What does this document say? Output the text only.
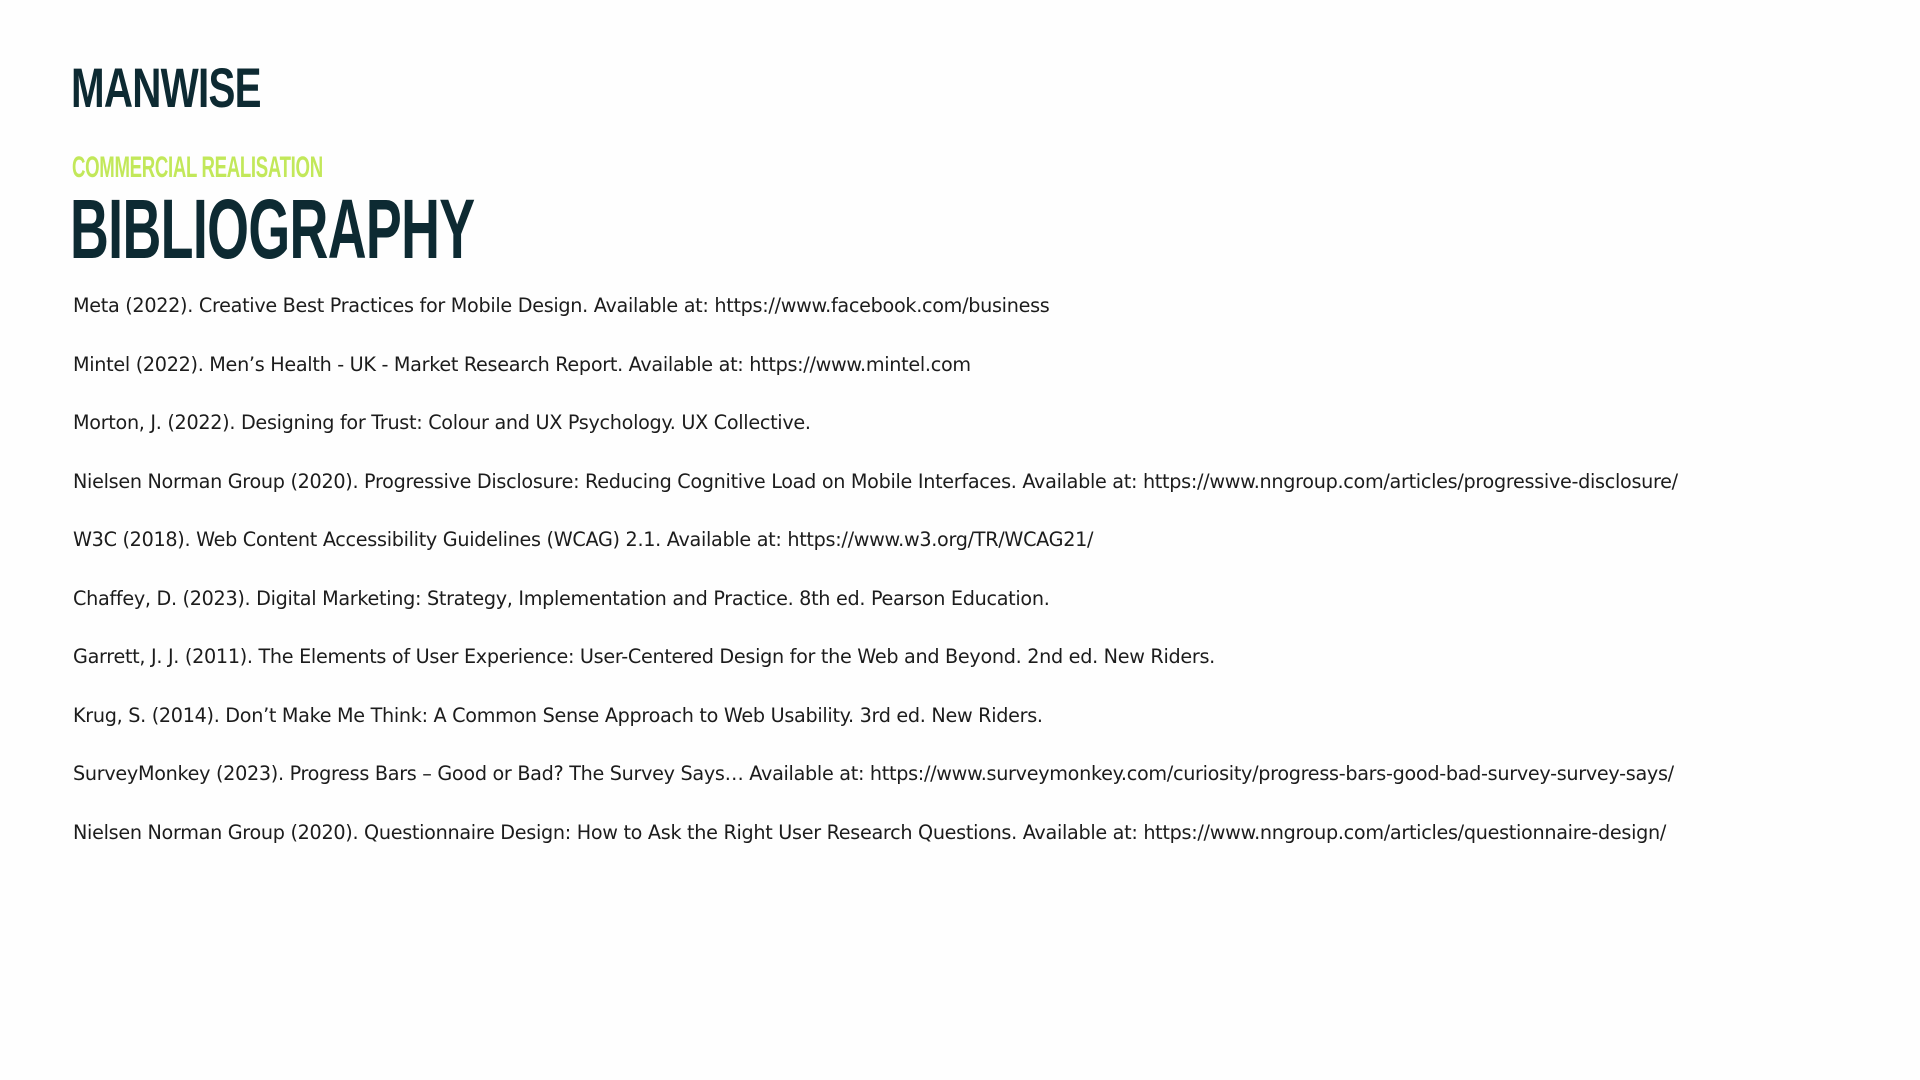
MANWISE
COMMERCIAL REALISATION
BIBLIOGRAPHY
Meta (2022). Creative Best Practices for Mobile Design. Available at: https://www.facebook.com/business
Mintel (2022). Men’s Health - UK - Market Research Report. Available at: https://www.mintel.com
Morton, J. (2022). Designing for Trust: Colour and UX Psychology. UX Collective.
Nielsen Norman Group (2020). Progressive Disclosure: Reducing Cognitive Load on Mobile Interfaces. Available at: https://www.nngroup.com/articles/progressive-disclosure/
W3C (2018). Web Content Accessibility Guidelines (WCAG) 2.1. Available at: https://www.w3.org/TR/WCAG21/
Chaffey, D. (2023). Digital Marketing: Strategy, Implementation and Practice. 8th ed. Pearson Education.
Garrett, J. J. (2011). The Elements of User Experience: User-Centered Design for the Web and Beyond. 2nd ed. New Riders.
Krug, S. (2014). Don’t Make Me Think: A Common Sense Approach to Web Usability. 3rd ed. New Riders.
SurveyMonkey (2023). Progress Bars – Good or Bad? The Survey Says… Available at: https://www.surveymonkey.com/curiosity/progress-bars-good-bad-survey-survey-says/
Nielsen Norman Group (2020). Questionnaire Design: How to Ask the Right User Research Questions. Available at: https://www.nngroup.com/articles/questionnaire-design/
